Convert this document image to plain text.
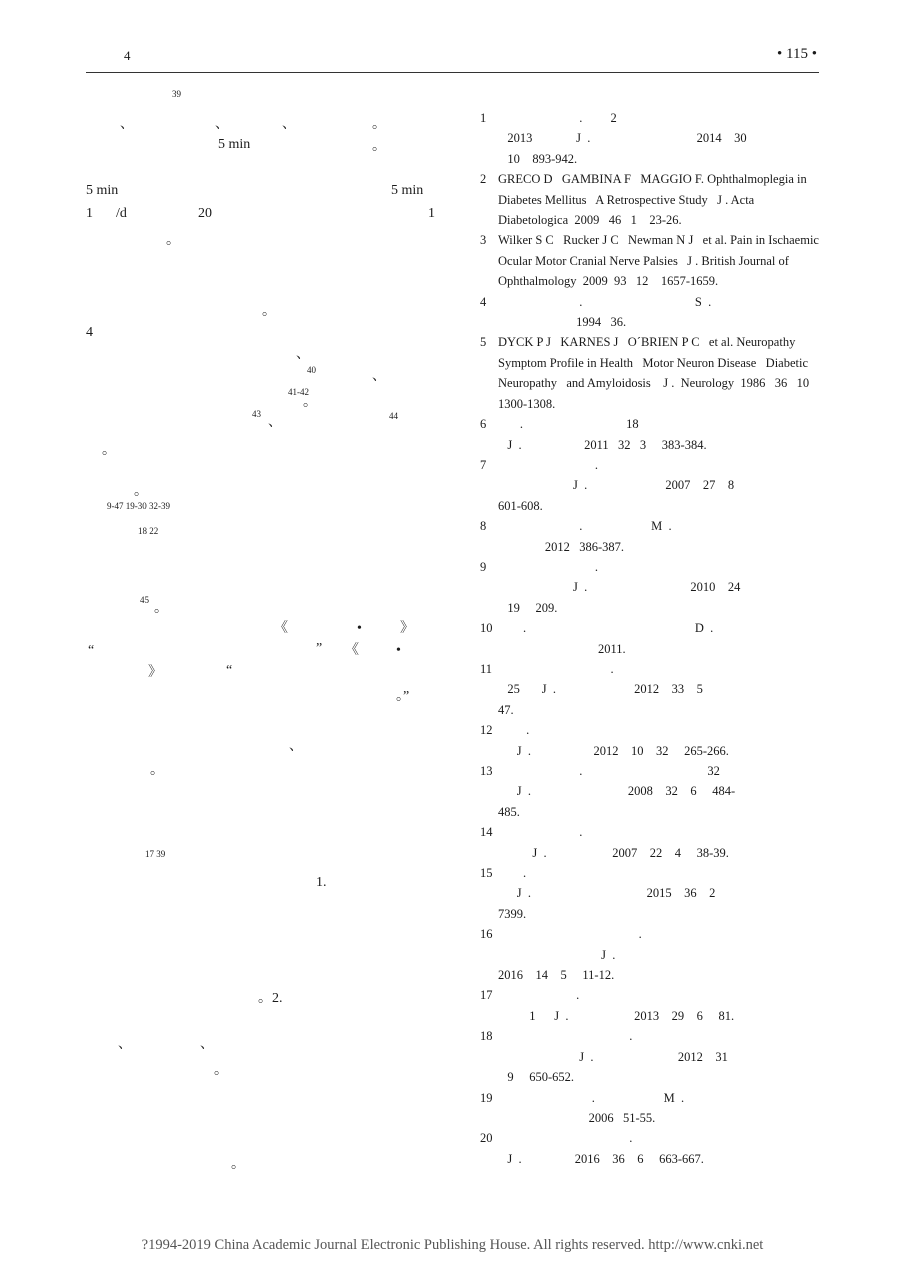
4	• 115 •
39
、	、	、	。
5 min	。
5 min	5 min
1 /d	20	1
。
。
4
、
40	、
41-42
。
43
、	44
。
。
9-47 19-30 32-39
18 22
45
。
《	•	》
“	” 《	•
》	“
。”
、
。
17 39
1.
。2.
、	、
。
。
1	.         2
2013              J  .                                  2014    30
10    893-942.
2 GRECO D   GAMBINA F   MAGGIO F. Ophthalmoplegia in Diabetes Mellitus   A Retrospective Study   J . Acta Diabetologica  2009   46   1    23-26.
3 Wilker S C   Rucker J C   Newman N J   et al. Pain in Ischaemic Ocular Motor Cranial Nerve Palsies   J . British Journal of Ophthalmology  2009  93   12    1657-1659.
4	.                                    S  .
1994   36.
5 DYCK P J   KARNES J   O´BRIEN P C   et al. Neuropathy Symptom Profile in Health   Motor Neuron Disease   Diabetic Neuropathy   and Amyloidosis    J .  Neurology  1986   36   10     1300-1308.
6	.                                 18
J  .                    2011   32   3     383-384.
7	.
J  .                         2007    27    8
601-608.
8	.                      M  .
2012   386-387.
9	.
J  .                                 2010    24
19     209.
10	.                                                      D  .
2011.
11	.
25       J  .                         2012    33    5
47.
12	.
J  .                    2012    10    32     265-266.
13	.                                        32
J  .                               2008    32    6     484-
485.
14	.
J  .                     2007    22    4     38-39.
15	.
J  .                                     2015    36    2
7399.
16	.
J  .
2016    14    5     11-12.
17	.
1      J  .                     2013    29    6     81.
18	.
J  .                           2012    31
9     650-652.
19	.                      M  .
2006   51-55.
20	.
J  .                 2016    36    6     663-667.
?1994-2019 China Academic Journal Electronic Publishing House. All rights reserved. http://www.cnki.net
